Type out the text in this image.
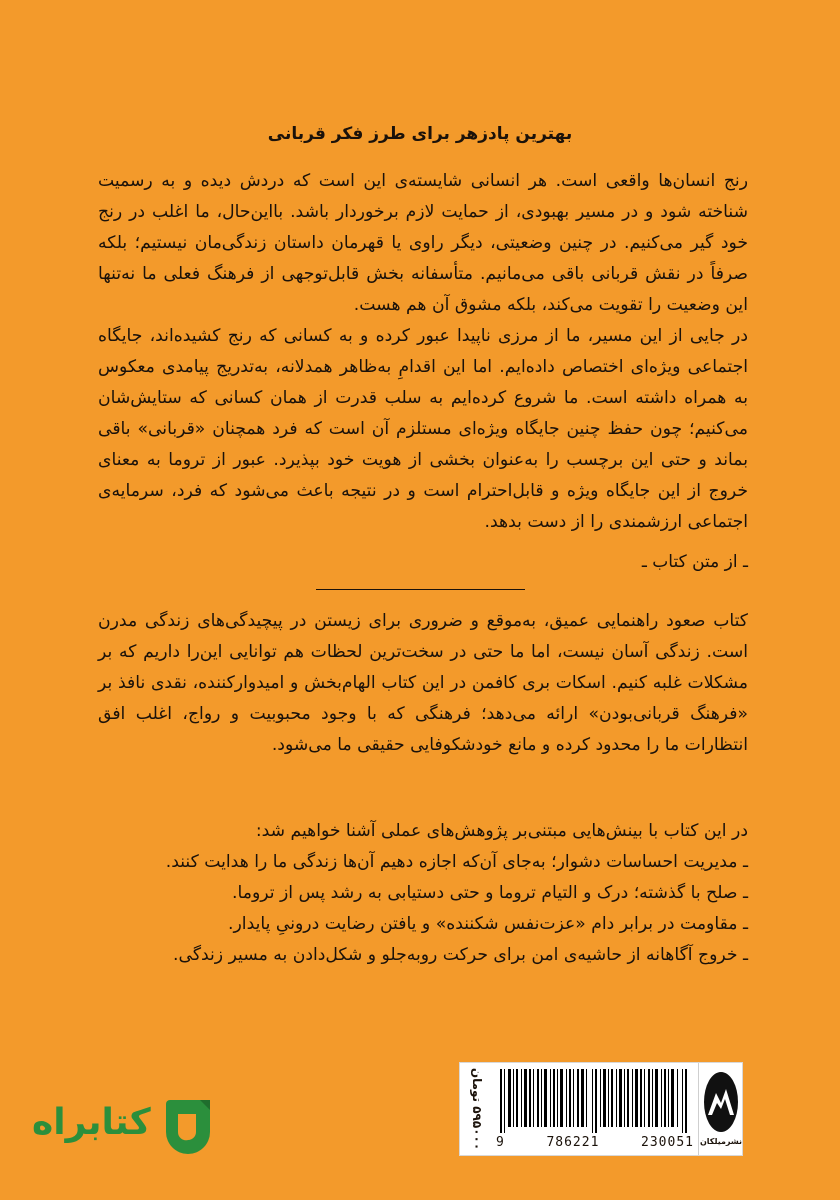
بهترین پادزهر برای طرز فکر قربانی

رنج انسان‌ها واقعی است. هر انسانی شایسته‌ی این است که دردش دیده و به رسمیت شناخته شود و در مسیر بهبودی، از حمایت لازم برخوردار باشد. بااین‌حال، ما اغلب در رنج خود گیر می‌کنیم. در چنین وضعیتی، دیگر راوی یا قهرمان داستان زندگی‌مان نیستیم؛ بلکه صرفاً در نقش قربانی باقی می‌مانیم. متأسفانه بخش قابل‌توجهی از فرهنگ فعلی ما نه‌تنها این وضعیت را تقویت می‌کند، بلکه مشوق آن هم هست.

در جایی از این مسیر، ما از مرزی ناپیدا عبور کرده و به کسانی که رنج کشیده‌اند، جایگاه اجتماعی ویژه‌ای اختصاص داده‌ایم. اما این اقدامِ به‌ظاهر همدلانه، به‌تدریج پیامدی معکوس به همراه داشته است. ما شروع کرده‌ایم به سلب قدرت از همان کسانی که ستایش‌شان می‌کنیم؛ چون حفظ چنین جایگاه ویژه‌ای مستلزم آن است که فرد همچنان «قربانی» باقی بماند و حتی این برچسب را به‌عنوان بخشی از هویت خود بپذیرد. عبور از تروما به معنای خروج از این جایگاه ویژه و قابل‌احترام است و در نتیجه باعث می‌شود که فرد، سرمایه‌ی اجتماعی ارزشمندی را از دست بدهد.

ـ از متن کتاب ـ

کتاب صعود راهنمایی عمیق، به‌موقع و ضروری برای زیستن در پیچیدگی‌های زندگی مدرن است. زندگی آسان نیست، اما ما حتی در سخت‌ترین لحظات هم توانایی این‌را داریم که بر مشکلات غلبه کنیم. اسکات بری کافمن در این کتاب الهام‌بخش و امیدوارکننده، نقدی نافذ بر «فرهنگ قربانی‌بودن» ارائه می‌دهد؛ فرهنگی که با وجود محبوبیت و رواج، اغلب افق انتظارات ما را محدود کرده و مانع خودشکوفایی حقیقی ما می‌شود.

در این کتاب با بینش‌هایی مبتنی‌بر پژوهش‌های عملی آشنا خواهیم شد:
ـ مدیریت احساسات دشوار؛ به‌جای آن‌که اجازه دهیم آن‌ها زندگی ما را هدایت کنند.
ـ صلح با گذشته؛ درک و التیام تروما و حتی دستیابی به رشد پس از تروما.
ـ مقاومت در برابر دام «عزت‌نفس شکننده» و یافتن رضایت درونیِ پایدار.
ـ خروج آگاهانه از حاشیه‌ی امن برای حرکت روبه‌جلو و شکل‌دادن به مسیر زندگی.
۵۹۵۰۰۰ تومان 9	786221	230051 نشرمیلکان
کتابراه
